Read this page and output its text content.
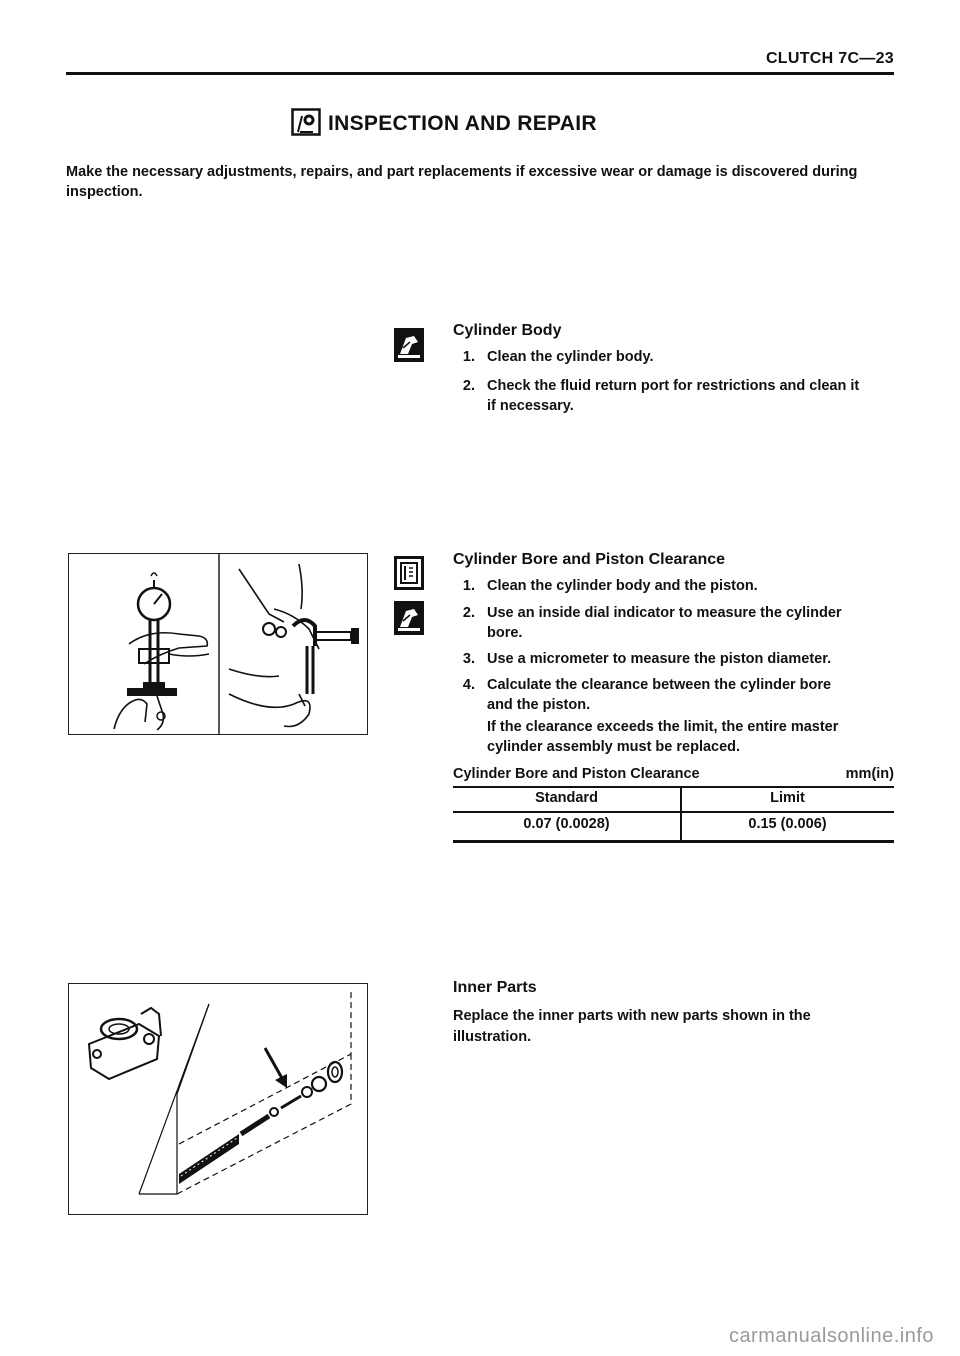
CLUTCH 7C—23
INSPECTION AND REPAIR
Make the necessary adjustments, repairs, and part replacements if excessive wear or damage is discovered during inspection.
Cylinder Body
1. Clean the cylinder body.
2. Check the fluid return port for restrictions and clean it
if necessary.
Cylinder Bore and Piston Clearance
1. Clean the cylinder body and the piston.
2. Use an inside dial indicator to measure the cylinder
bore.
3. Use a micrometer to measure the piston diameter.
4. Calculate the clearance between the cylinder bore
and the piston.
If the clearance exceeds the limit, the entire master
cylinder assembly must be replaced.
Cylinder Bore and Piston Clearance	mm(in)
Standard	Limit
0.07 (0.0028)	0.15 (0.006)
Inner Parts
Replace the inner parts with new parts shown in the
illustration.
carmanualsonline.info
